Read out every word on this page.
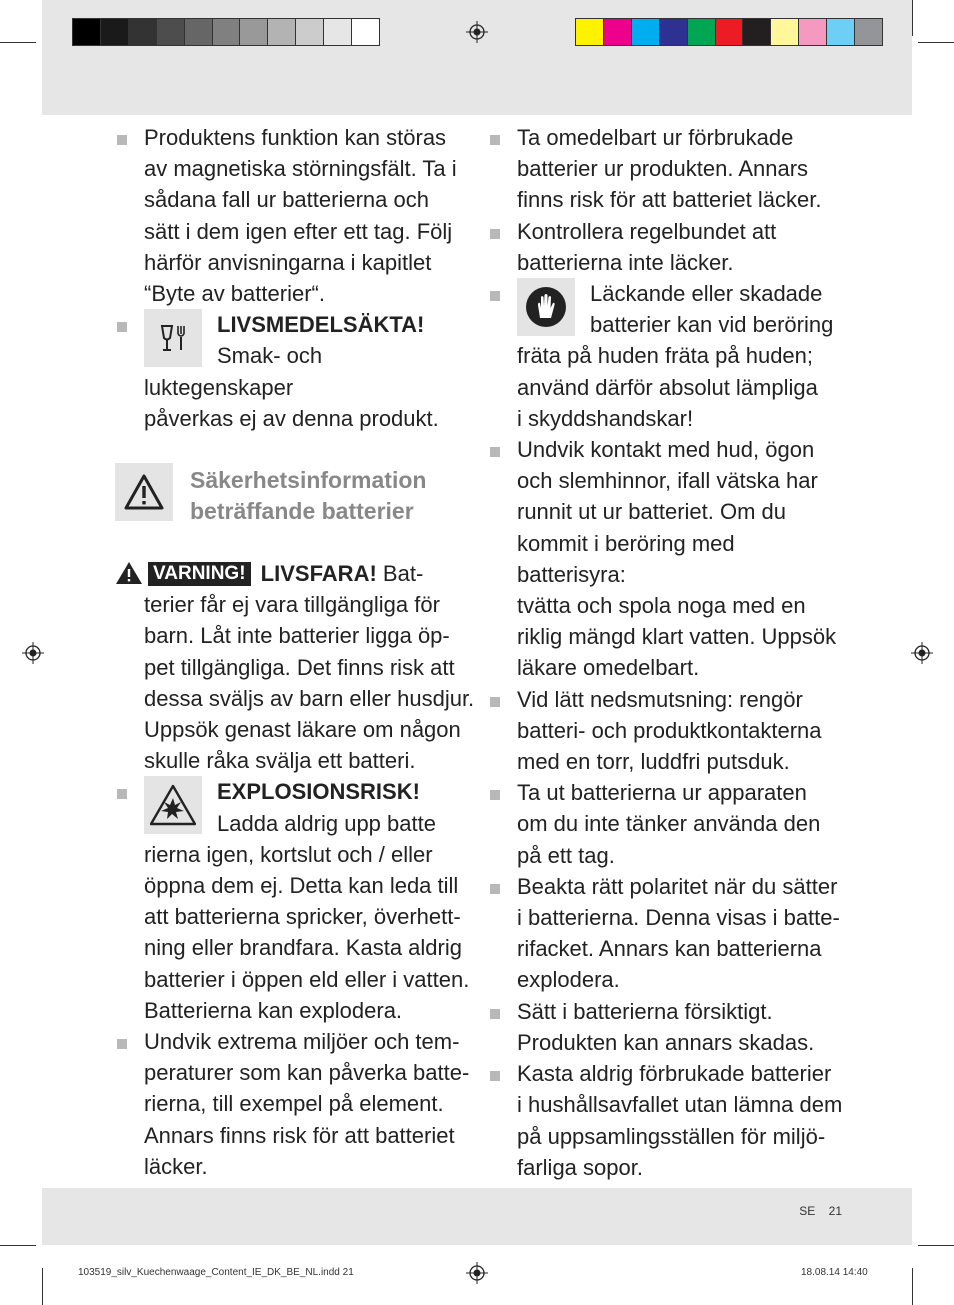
Produktens funktion kan störas
av magnetiska störningsfält. Ta i
sådana fall ur batterierna och
sätt i dem igen efter ett tag. Följ
härför anvisningarna i kapitlet
“Byte av batterier“.
LIVSMEDELSÄKTA!
Smak- och luktegenskaper
påverkas ej av denna produkt.
Säkerhetsinformation
beträffande batterier
VARNING! LIVSFARA! Bat-
terier får ej vara tillgängliga för
barn. Låt inte batterier ligga öp-
pet tillgängliga. Det finns risk att
dessa sväljs av barn eller husdjur.
Uppsök genast läkare om någon
skulle råka svälja ett batteri.
EXPLOSIONSRISK!
Ladda aldrig upp batte
rierna igen, kortslut och / eller
öppna dem ej. Detta kan leda till
att batterierna spricker, överhett-
ning eller brandfara. Kasta aldrig
batterier i öppen eld eller i vatten.
Batterierna kan explodera.
Undvik extrema miljöer och tem-
peraturer som kan påverka batte-
rierna, till exempel på element.
Annars finns risk för att batteriet
läcker.
Ta omedelbart ur förbrukade
batterier ur produkten. Annars
finns risk för att batteriet läcker.
Kontrollera regelbundet att
batterierna inte läcker.
Läckande eller skadade
batterier kan vid beröring
fräta på huden fräta på huden;
använd därför absolut lämpliga
i skyddshandskar!
Undvik kontakt med hud, ögon
och slemhinnor, ifall vätska har
runnit ut ur batteriet. Om du
kommit i beröring med batterisyra:
tvätta och spola noga med en
riklig mängd klart vatten. Uppsök
läkare omedelbart.
Vid lätt nedsmutsning: rengör
batteri- och produktkontakterna
med en torr, luddfri putsduk.
Ta ut batterierna ur apparaten
om du inte tänker använda den
på ett tag.
Beakta rätt polaritet när du sätter
i batterierna. Denna visas i batte-
rifacket. Annars kan batterierna
explodera.
Sätt i batterierna försiktigt.
Produkten kan annars skadas.
Kasta aldrig förbrukade batterier
i hushållsavfallet utan lämna dem
på uppsamlingsställen för miljö-
farliga sopor.
SE 21
103519_silv_Kuechenwaage_Content_IE_DK_BE_NL.indd 21	18.08.14 14:40
